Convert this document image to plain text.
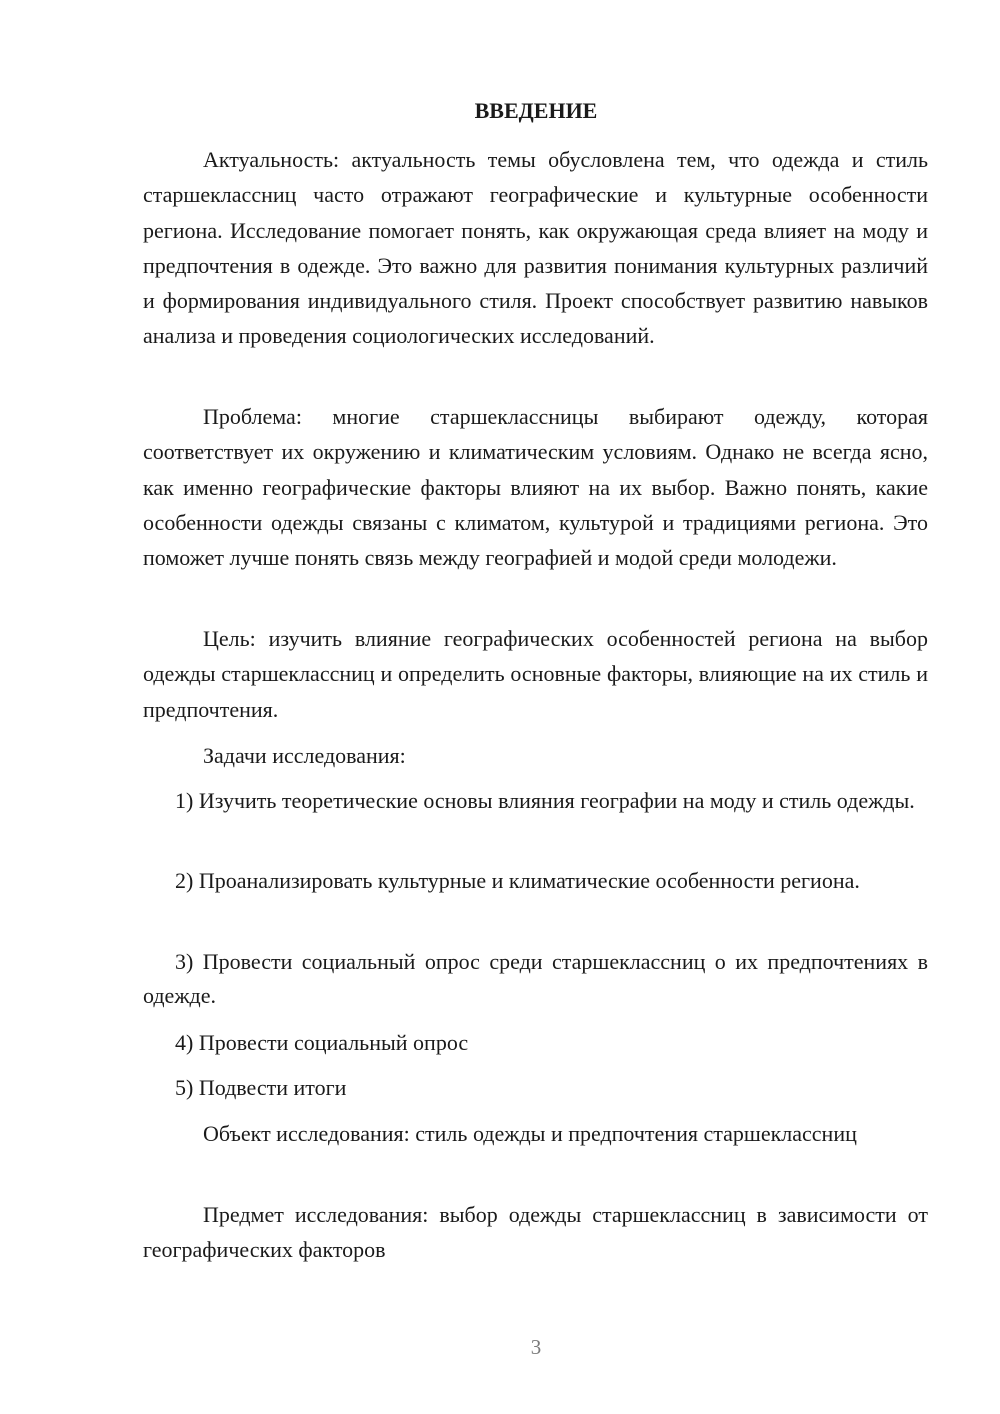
ВВЕДЕНИЕ

Актуальность: актуальность темы обусловлена тем, что одежда и стиль старшеклассниц часто отражают географические и культурные особенности региона. Исследование помогает понять, как окружающая среда влияет на моду и предпочтения в одежде. Это важно для развития понимания культурных различий и формирования индивидуального стиля. Проект способствует развитию навыков анализа и проведения социологических исследований.

Проблема: многие старшеклассницы выбирают одежду, которая соответствует их окружению и климатическим условиям. Однако не всегда ясно, как именно географические факторы влияют на их выбор. Важно понять, какие особенности одежды связаны с климатом, культурой и традициями региона. Это поможет лучше понять связь между географией и модой среди молодежи.

Цель: изучить влияние географических особенностей региона на выбор одежды старшеклассниц и определить основные факторы, влияющие на их стиль и предпочтения.

Задачи исследования:

1) Изучить теоретические основы влияния географии на моду и стиль одежды.

2) Проанализировать культурные и климатические особенности региона.

3) Провести социальный опрос среди старшеклассниц о их предпочтениях в одежде.

4) Провести социальный опрос

5) Подвести итоги

Объект исследования: стиль одежды и предпочтения старшеклассниц

Предмет исследования: выбор одежды старшеклассниц в зависимости от географических факторов

3
